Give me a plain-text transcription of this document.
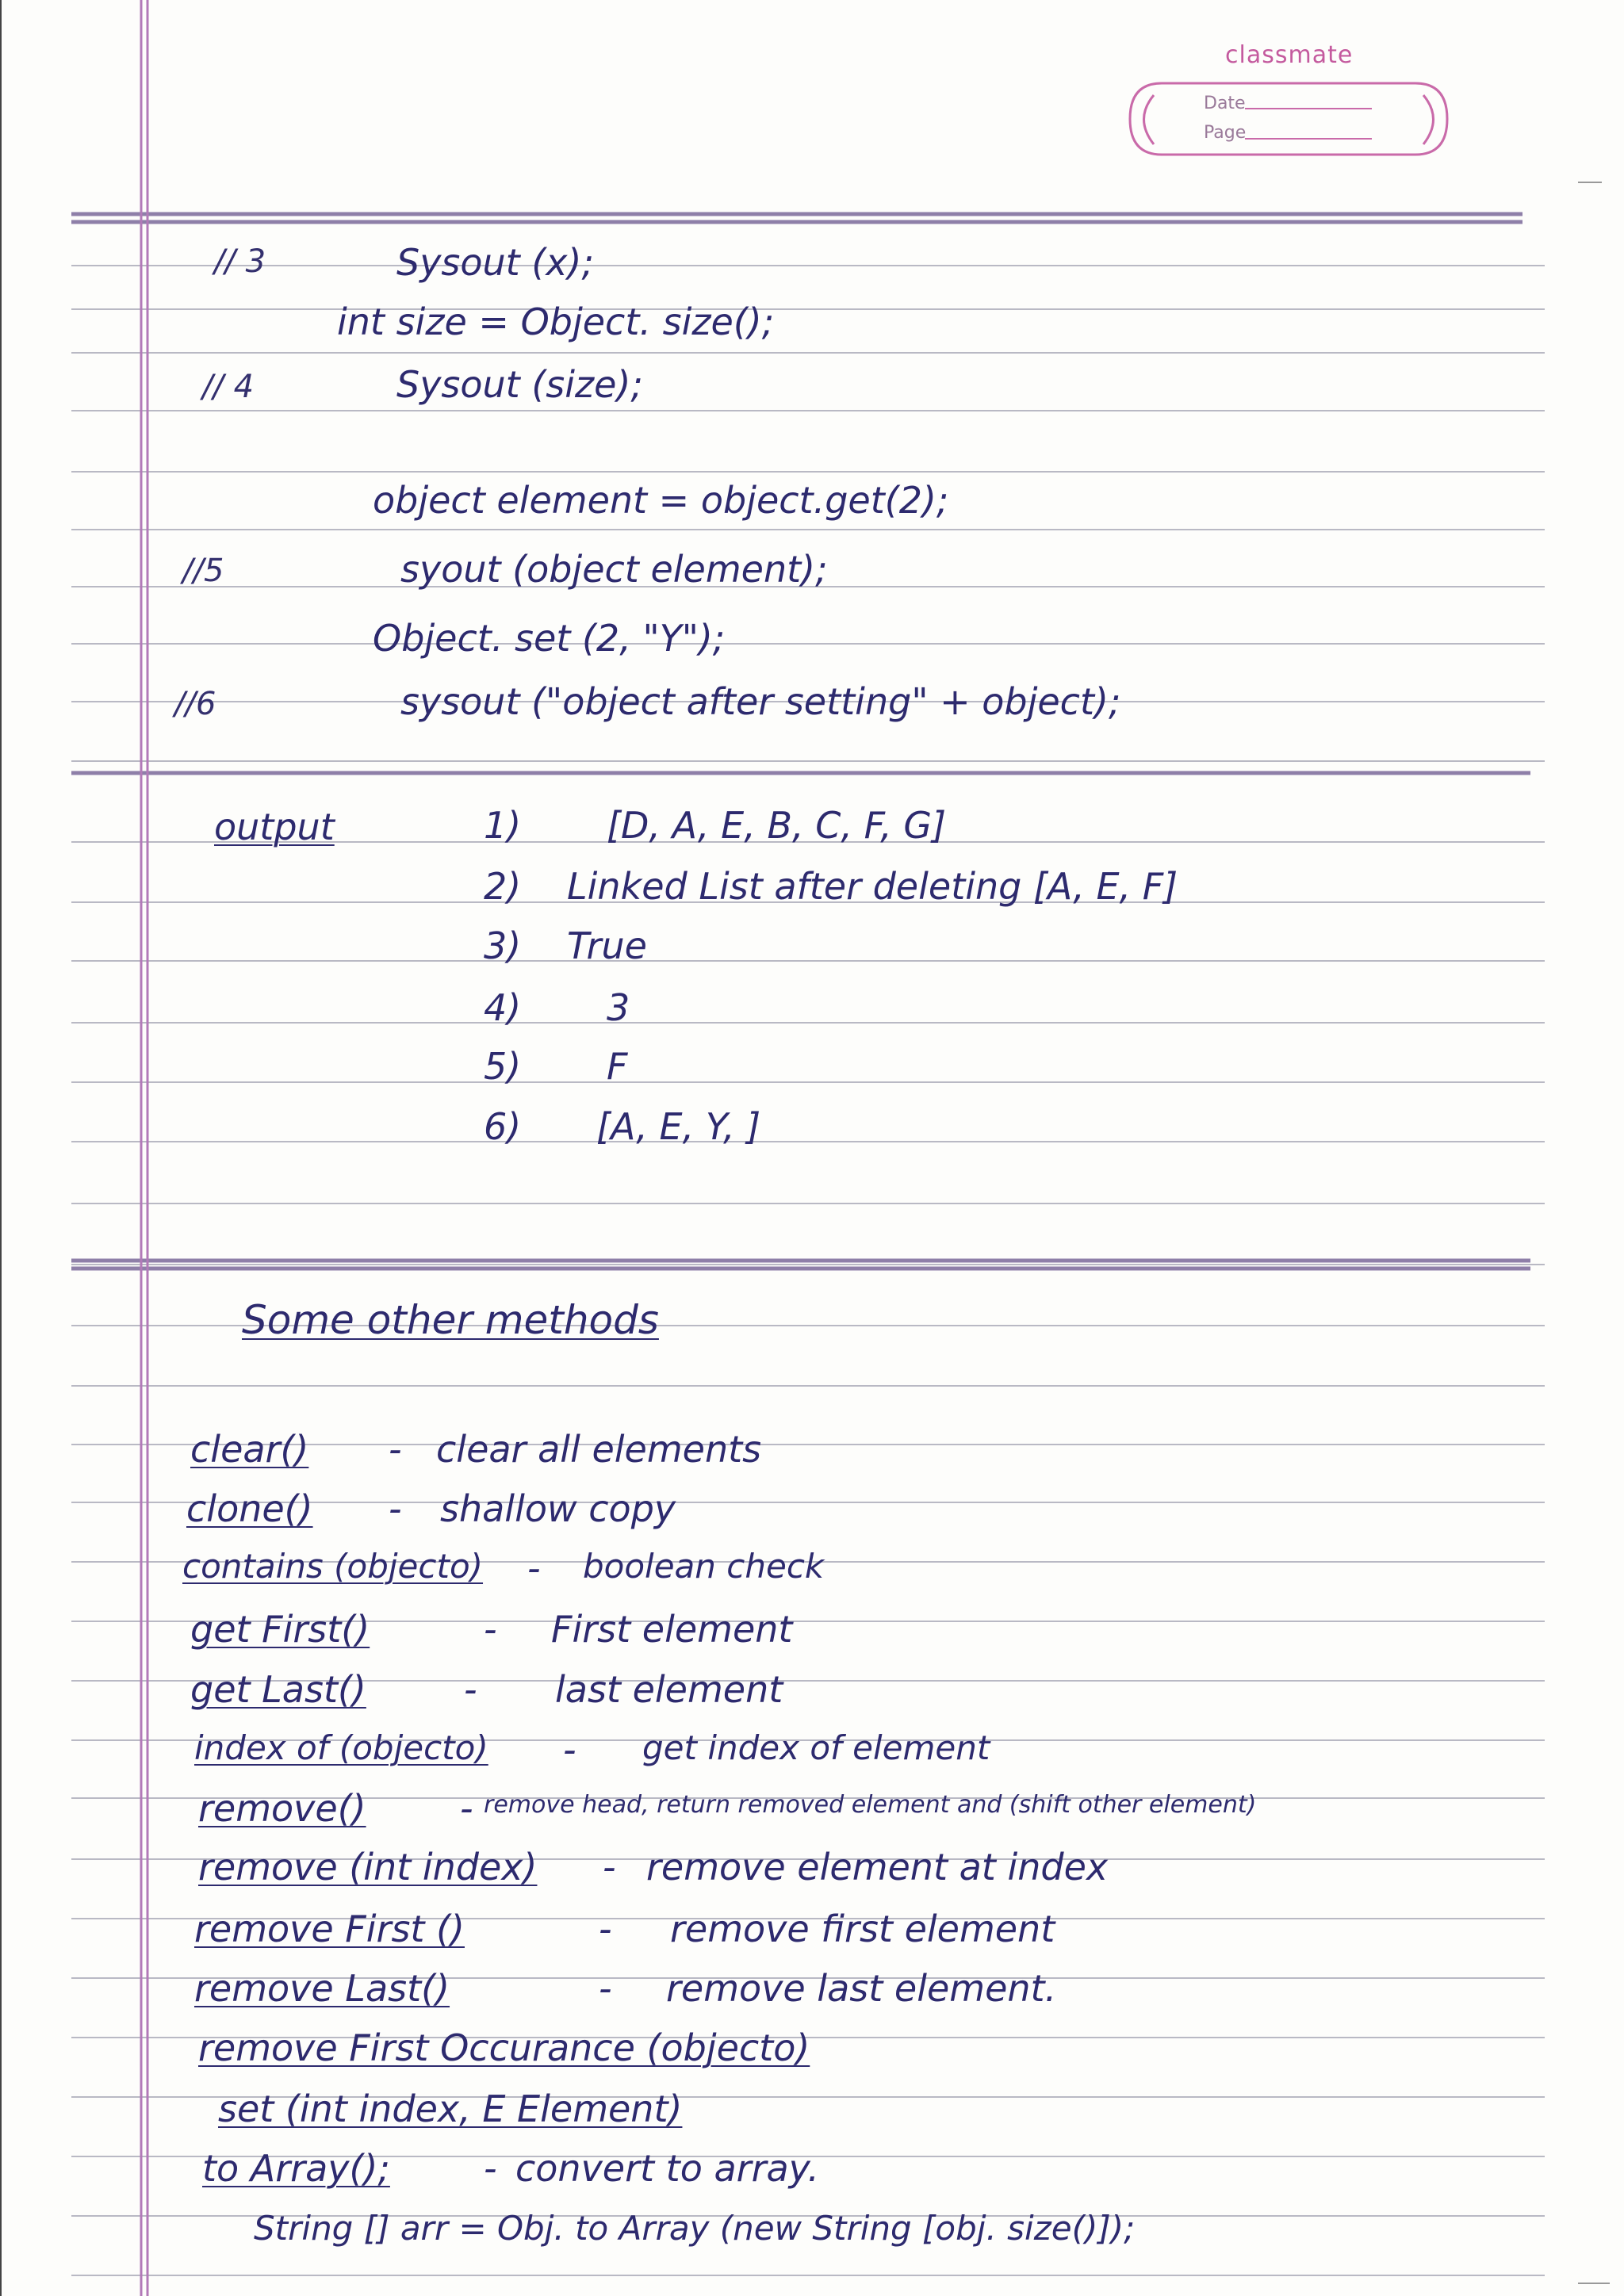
classmate
Date
Page
// 3	Sysout (x);
int size = Object. size();
// 4	Sysout (size);
object element = object.get(2);
//5	syout (object element);
Object. set (2, "Y");
//6	sysout ("object after setting" + object);
output	1) [D, A, E, B, C, F, G]
2) Linked List after deleting [A, E, F]
3) True
4) 3
5) F
6) [A, E, Y, ]
Some other methods
clear() - clear all elements
clone() - shallow copy
contains (objecto) - boolean check
get First()	- First element
get Last()	- last element
index of (objecto) - get index of element
remove()	- remove head, return removed element and (shift other element)
remove (int index) - remove element at index
remove First ()	- remove first element
remove Last()	- remove last element.
remove First Occurance (objecto)
set (int index, E Element)
to Array();	- convert to array.
String [] arr = Obj. to Array (new String [obj. size()]);
